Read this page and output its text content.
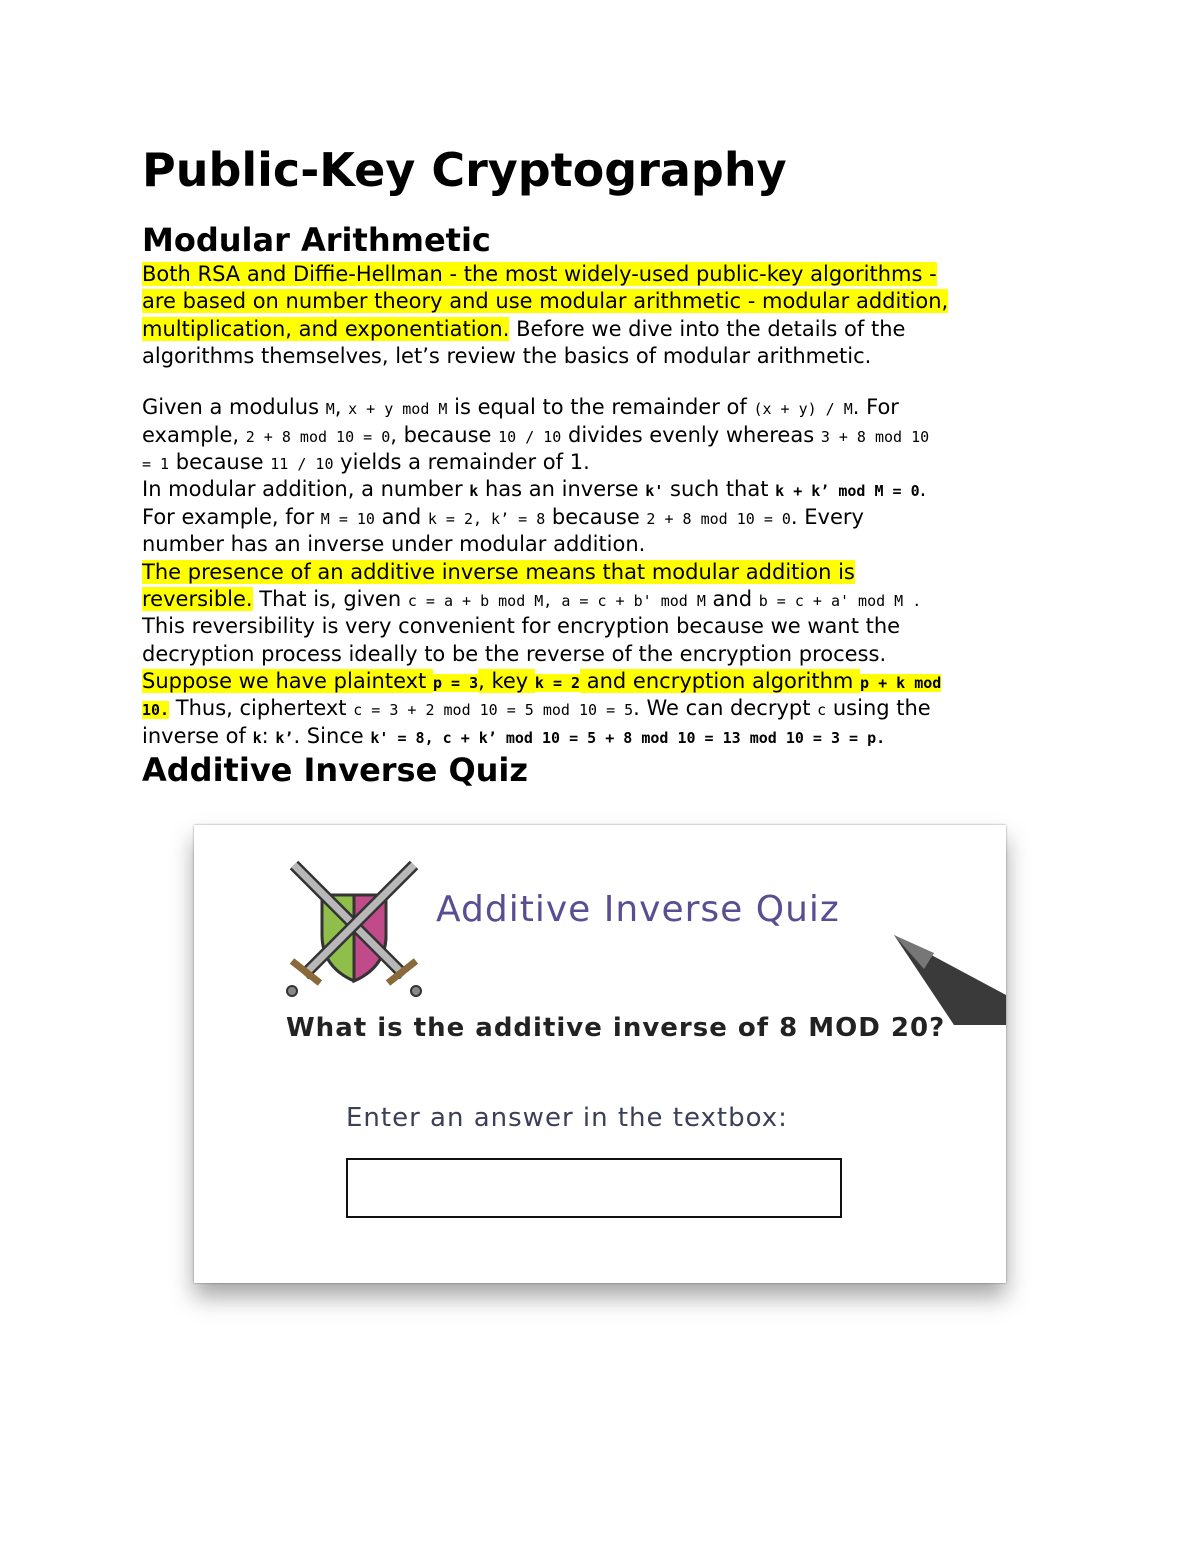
Public-Key Cryptography
Modular Arithmetic
Both RSA and Diffie-Hellman - the most widely-used public-key algorithms -
are based on number theory and use modular arithmetic - modular addition,
multiplication, and exponentiation. Before we dive into the details of the
algorithms themselves, let’s review the basics of modular arithmetic.
Given a modulus M, x + y mod M is equal to the remainder of (x + y) / M. For
example, 2 + 8 mod 10 = 0, because 10 / 10 divides evenly whereas 3 + 8 mod 10
= 1 because 11 / 10 yields a remainder of 1.
In modular addition, a number k has an inverse k' such that k + k’ mod M = 0.
For example, for M = 10 and k = 2, k’ = 8 because 2 + 8 mod 10 = 0. Every
number has an inverse under modular addition.
The presence of an additive inverse means that modular addition is
reversible. That is, given c = a + b mod M, a = c + b' mod M and b = c + a' mod M .
This reversibility is very convenient for encryption because we want the
decryption process ideally to be the reverse of the encryption process.
Suppose we have plaintext p = 3, key k = 2 and encryption algorithm p + k mod
10. Thus, ciphertext c = 3 + 2 mod 10 = 5 mod 10 = 5. We can decrypt c using the
inverse of k: k’. Since k' = 8, c + k’ mod 10 = 5 + 8 mod 10 = 13 mod 10 = 3 = p.
Additive Inverse Quiz
Additive Inverse Quiz
What is the additive inverse of 8 MOD 20?
Enter an answer in the textbox:
